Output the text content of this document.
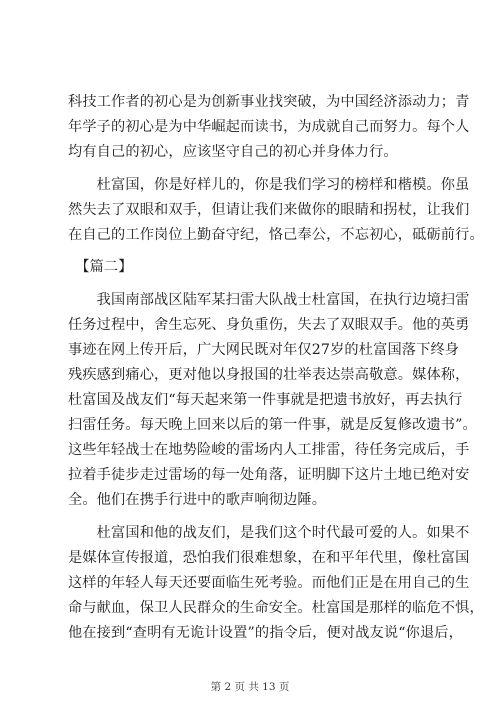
科技工作者的初心是为创新事业找突破，为中国经济添动力；青
年学子的初心是为中华崛起而读书，为成就自己而努力。每个人
均有自己的初心，应该坚守自己的初心并身体力行。
　　杜富国，你是好样儿的，你是我们学习的榜样和楷模。你虽
然失去了双眼和双手，但请让我们来做你的眼睛和拐杖，让我们
在自己的工作岗位上勤奋守纪，恪己奉公，不忘初心，砥砺前行。
　【篇二】
　　我国南部战区陆军某扫雷大队战士杜富国，在执行边境扫雷
任务过程中，舍生忘死、身负重伤，失去了双眼双手。他的英勇
事迹在网上传开后，广大网民既对年仅27岁的杜富国落下终身
残疾感到痛心，更对他以身报国的壮举表达崇高敬意。媒体称，
杜富国及战友们“每天起来第一件事就是把遗书放好，再去执行
扫雷任务。每天晚上回来以后的第一件事，就是反复修改遗书”。
这些年轻战士在地势险峻的雷场内人工排雷，待任务完成后，手
拉着手徒步走过雷场的每一处角落，证明脚下这片土地已绝对安
全。他们在携手行进中的歌声响彻边陲。
　　杜富国和他的战友们，是我们这个时代最可爱的人。如果不
是媒体宣传报道，恐怕我们很难想象，在和平年代里，像杜富国
这样的年轻人每天还要面临生死考验。而他们正是在用自己的生
命与献血，保卫人民群众的生命安全。杜富国是那样的临危不惧，
他在接到“查明有无诡计设置”的指令后，便对战友说“你退后，
第 2 页 共 13 页
